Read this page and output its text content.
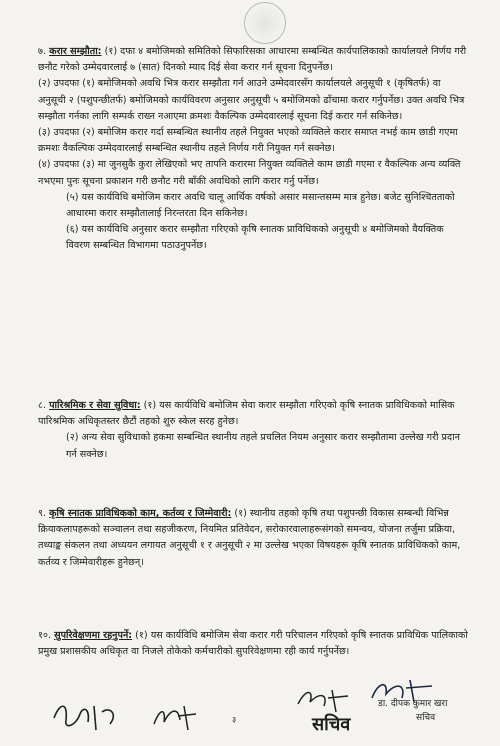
७. करार सम्झौता: (१) दफा ४ बमोजिमको समितिको सिफारिसका आधारमा सम्बन्धित कार्यपालिकाको कार्यालयले निर्णय गरी छनौट गरेको उम्मेदवारलाई ७ (सात) दिनको म्याद दिई सेवा करार गर्न सूचना दिनुपर्नेछ।

(२) उपदफा (१) बमोजिमको अवधि भित्र करार सम्झौता गर्न आउने उम्मेदवारसँग कार्यालयले अनुसूची १ (कृषितर्फ) वा अनुसूची २ (पशुपन्छीतर्फ) बमोजिमको कार्यविवरण अनुसार अनुसूची ५ बमोजिमको ढाँचामा करार गर्नुपर्नेछ। उक्त अवधि भित्र सम्झौता गर्नका लागि सम्पर्क राख्न नआएमा क्रमशः वैकल्पिक उम्मेदवारलाई सूचना दिई करार गर्न सकिनेछ।

(३) उपदफा (२) बमोजिम करार गर्दा सम्बन्धित स्थानीय तहले नियुक्त भएको व्यक्तिले करार समाप्त नभई काम छाडी गएमा क्रमशः वैकल्पिक उम्मेदवारलाई सम्बन्धित स्थानीय तहले निर्णय गरी नियुक्त गर्न सक्नेछ।

(४) उपदफा (३) मा जुनसुकै कुरा लेखिएको भए तापनि करारमा नियुक्त व्यक्तिले काम छाडी गएमा र वैकल्पिक अन्य व्यक्ति नभएमा पुनः सूचना प्रकाशन गरी छनौट गरी बाँकी अवधिको लागि करार गर्नु पर्नेछ।

(५) यस कार्यविधि बमोजिम करार अवधि चालू आर्थिक वर्षको असार मसान्तसम्म मात्र हुनेछ। बजेट सुनिश्चितताको आधारमा करार सम्झौतालाई निरन्तरता दिन सकिनेछ।

(६) यस कार्यविधि अनुसार करार सम्झौता गरिएको कृषि स्नातक प्राविधिकको अनुसूची ४ बमोजिमको वैयक्तिक विवरण सम्बन्धित विभागमा पठाउनुपर्नेछ।

८. पारिश्रमिक र सेवा सुविधा: (१) यस कार्यविधि बमोजिम सेवा करार सम्झौता गरिएको कृषि स्नातक प्राविधिकको मासिक पारिश्रमिक अधिकृतस्तर छैटौं तहको शुरु स्केल सरह हुनेछ।

(२) अन्य सेवा सुविधाको हकमा सम्बन्धित स्थानीय तहले प्रचलित नियम अनुसार करार सम्झौतामा उल्लेख गरी प्रदान गर्न सक्नेछ।

९. कृषि स्नातक प्राविधिकको काम, कर्तव्य र जिम्मेवारी: (१) स्थानीय तहको कृषि तथा पशुपन्छी विकास सम्बन्धी विभिन्न क्रियाकलापहरूको सञ्चालन तथा सहजीकरण, नियमित प्रतिवेदन, सरोकारवालाहरूसंगको समन्वय, योजना तर्जुमा प्रक्रिया, तथ्याङ्क संकलन तथा अध्ययन लगायत अनुसूची १ र अनुसूची २ मा उल्लेख भएका विषयहरू कृषि स्नातक प्राविधिकको काम, कर्तव्य र जिम्मेवारीहरू हुनेछन्।

१०. सुपरिवेक्षणमा रहनुपर्ने: (१) यस कार्यविधि बमोजिम सेवा करार गरी परिचालन गरिएको कृषि स्नातक प्राविधिक पालिकाको प्रमुख प्रशासकीय अधिकृत वा निजले तोकेको कर्मचारीको सुपरिवेक्षणमा रही कार्य गर्नुपर्नेछ।

३	सचिव
डा. दीपक कुमार खरा
सचिव
